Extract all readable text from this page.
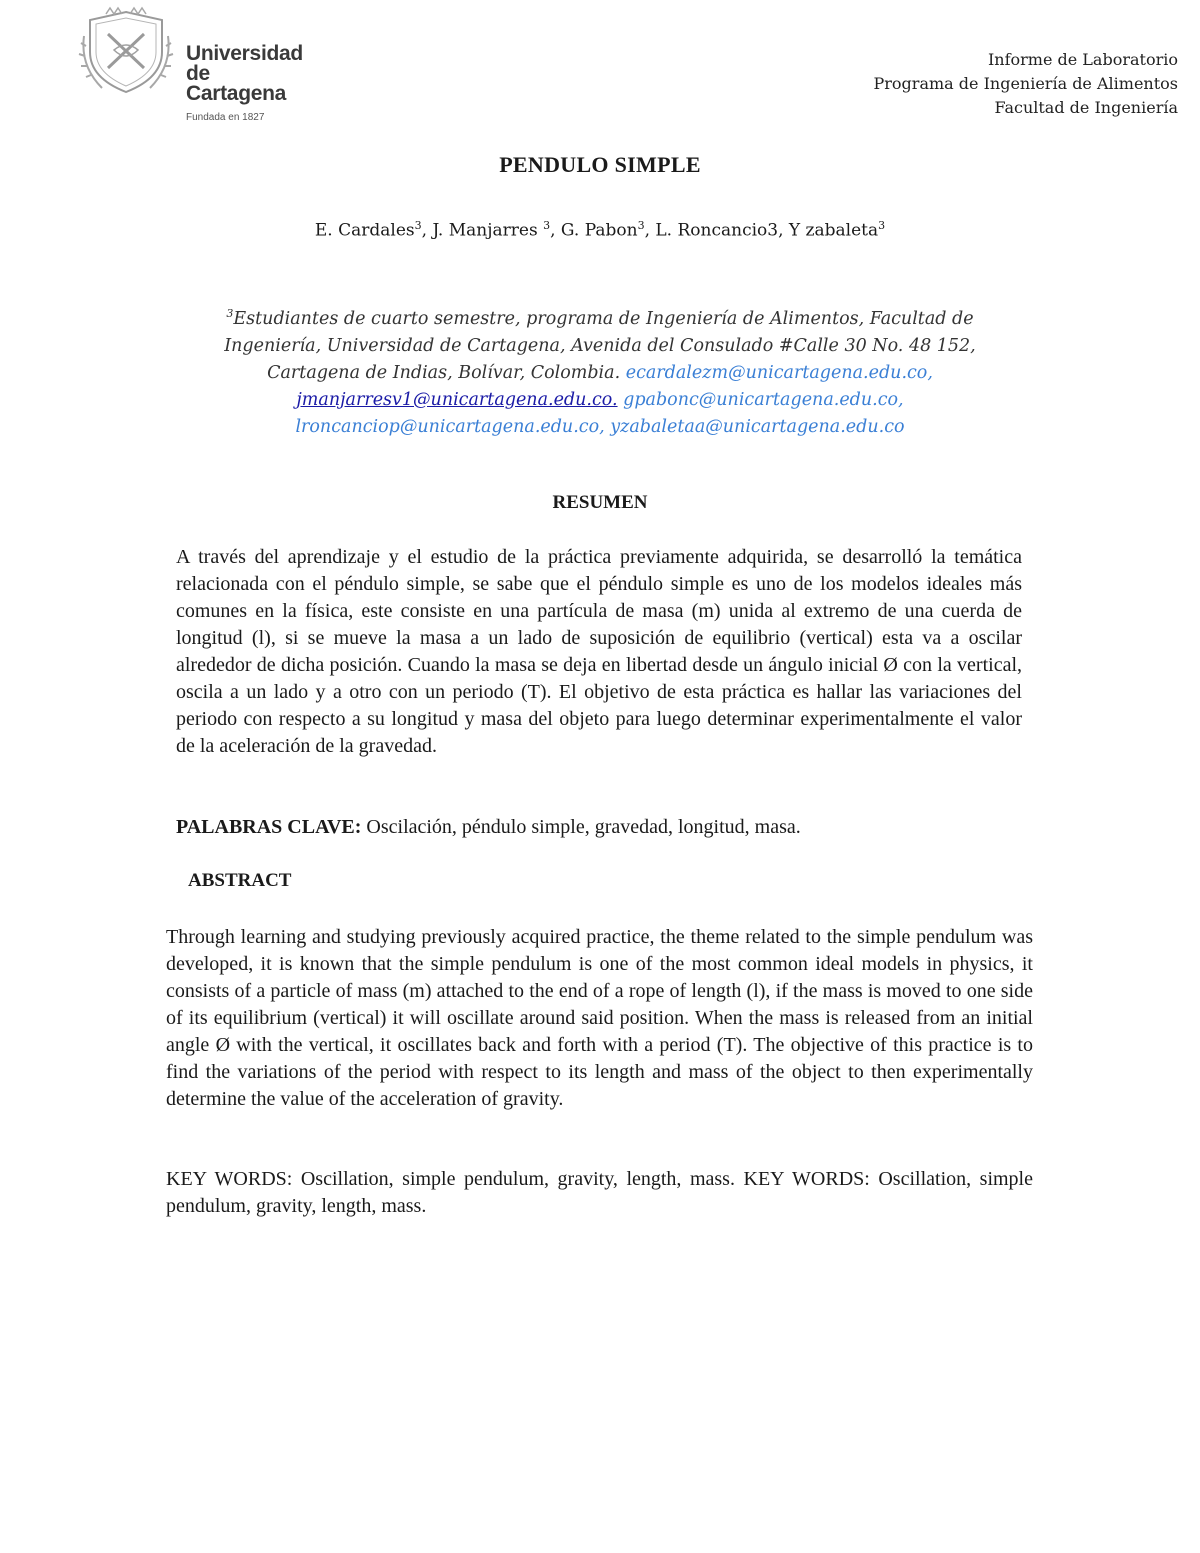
Universidad
de Cartagena
Fundada en 1827
Informe de Laboratorio
Programa de Ingeniería de Alimentos
Facultad de Ingeniería
PENDULO SIMPLE
E. Cardales$^3$, J. Manjarres $^3$, G. Pabon$^3$, L. Roncancio3, Y zabaleta$^3$
$^3$Estudiantes de cuarto semestre, programa de Ingeniería de Alimentos, Facultad de Ingeniería, Universidad de Cartagena, Avenida del Consulado #Calle 30 No. 48 152, Cartagena de Indias, Bolívar, Colombia. ecardalezm@unicartagena.edu.co,
jmanjarresv1@unicartagena.edu.co. gpabonc@unicartagena.edu.co,
lroncanciop@unicartagena.edu.co, yzabaletaa@unicartagena.edu.co
RESUMEN

A través del aprendizaje y el estudio de la práctica previamente adquirida, se desarrolló la temática relacionada con el péndulo simple, se sabe que el péndulo simple es uno de los modelos ideales más comunes en la física, este consiste en una partícula de masa (m) unida al extremo de una cuerda de longitud (l), si se mueve la masa a un lado de suposición de equilibrio (vertical) esta va a oscilar alrededor de dicha posición. Cuando la masa se deja en libertad desde un ángulo inicial Ø con la vertical, oscila a un lado y a otro con un periodo (T). El objetivo de esta práctica es hallar las variaciones del periodo con respecto a su longitud y masa del objeto para luego determinar experimentalmente el valor de la aceleración de la gravedad.

PALABRAS CLAVE: Oscilación, péndulo simple, gravedad, longitud, masa.

ABSTRACT

Through learning and studying previously acquired practice, the theme related to the simple pendulum was developed, it is known that the simple pendulum is one of the most common ideal models in physics, it consists of a particle of mass (m) attached to the end of a rope of length (l), if the mass is moved to one side of its equilibrium (vertical) it will oscillate around said position. When the mass is released from an initial angle Ø with the vertical, it oscillates back and forth with a period (T). The objective of this practice is to find the variations of the period with respect to its length and mass of the object to then experimentally determine the value of the acceleration of gravity.

KEY WORDS: Oscillation, simple pendulum, gravity, length, mass. KEY WORDS: Oscillation, simple pendulum, gravity, length, mass.
